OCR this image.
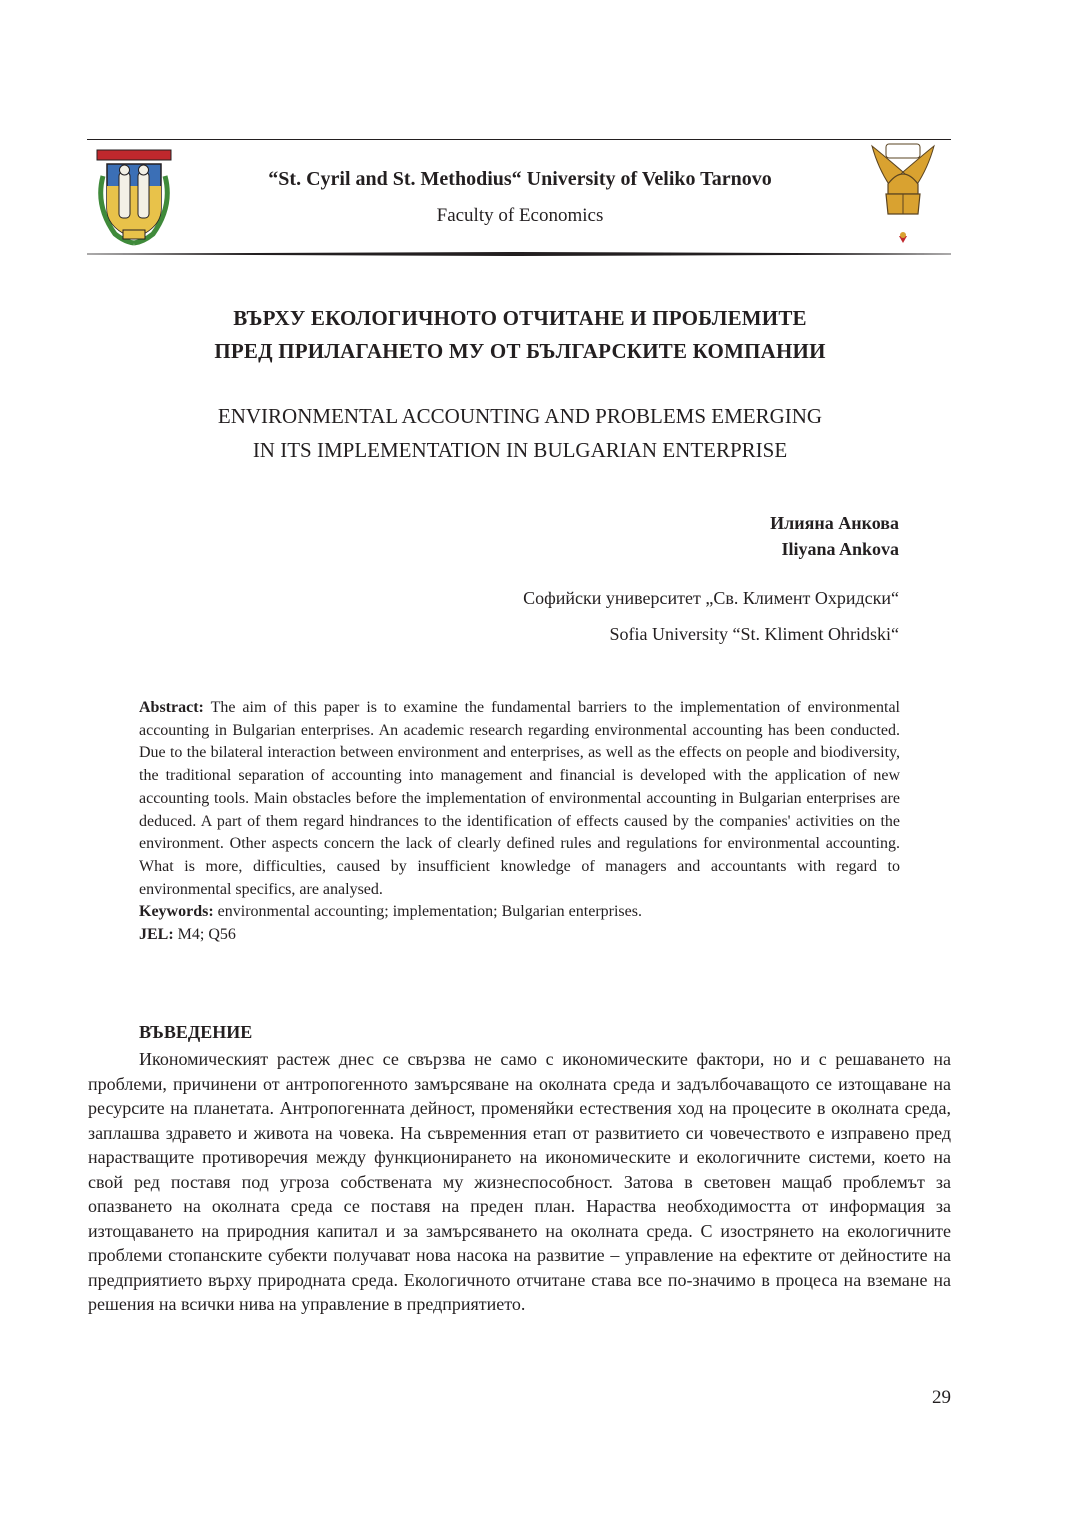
“St. Cyril and St. Methodius“ University of Veliko Tarnovo
Faculty of Economics
ВЪРХУ ЕКОЛОГИЧНОТО ОТЧИТАНЕ И ПРОБЛЕМИТЕ
ПРЕД ПРИЛАГАНЕТО МУ ОТ БЪЛГАРСКИТЕ КОМПАНИИ
ENVIRONMENTAL ACCOUNTING AND PROBLEMS EMERGING
IN ITS IMPLEMENTATION IN BULGARIAN ENTERPRISE
Илияна Анкова
Iliyana Ankova
Софийски университет „Св. Климент Охридски“
Sofia University “St. Kliment Ohridski“

Abstract: The aim of this paper is to examine the fundamental barriers to the implementation of environmental accounting in Bulgarian enterprises. An academic research regarding environmental accounting has been conducted. Due to the bilateral interaction between environment and enterprises, as well as the effects on people and biodiversity, the traditional separation of accounting into management and financial is developed with the application of new accounting tools. Main obstacles before the implementation of environmental accounting in Bulgarian enterprises are deduced. A part of them regard hindrances to the identification of effects caused by the companies' activities on the environment. Other aspects concern the lack of clearly defined rules and regulations for environmental accounting. What is more, difficulties, caused by insufficient knowledge of managers and accountants with regard to environmental specifics, are analysed.

Keywords: environmental accounting; implementation; Bulgarian enterprises.

JEL: M4; Q56

ВЪВЕДЕНИЕ

Икономическият растеж днес се свързва не само с икономическите фактори, но и с решаването на проблеми, причинени от антропогенното замърсяване на околната среда и задълбочаващото се изтощаване на ресурсите на планетата. Антропогенната дейност, променяйки естествения ход на процесите в околната среда, заплашва здравето и живота на човека. На съвременния етап от развитието си човечеството е изправено пред нарастващите противоречия между функционирането на икономическите и екологичните системи, което на свой ред поставя под угроза собствената му жизнеспособност. Затова в световен мащаб проблемът за опазването на околната среда се поставя на преден план. Нараства необходимостта от информация за изтощаването на природния капитал и за замърсяването на околната среда. С изострянето на екологичните проблеми стопанските субекти получават нова насока на развитие – управление на ефектите от дейностите на предприятието върху природната среда. Екологичното отчитане става все по-значимо в процеса на вземане на решения на всички нива на управление в предприятието.

29
